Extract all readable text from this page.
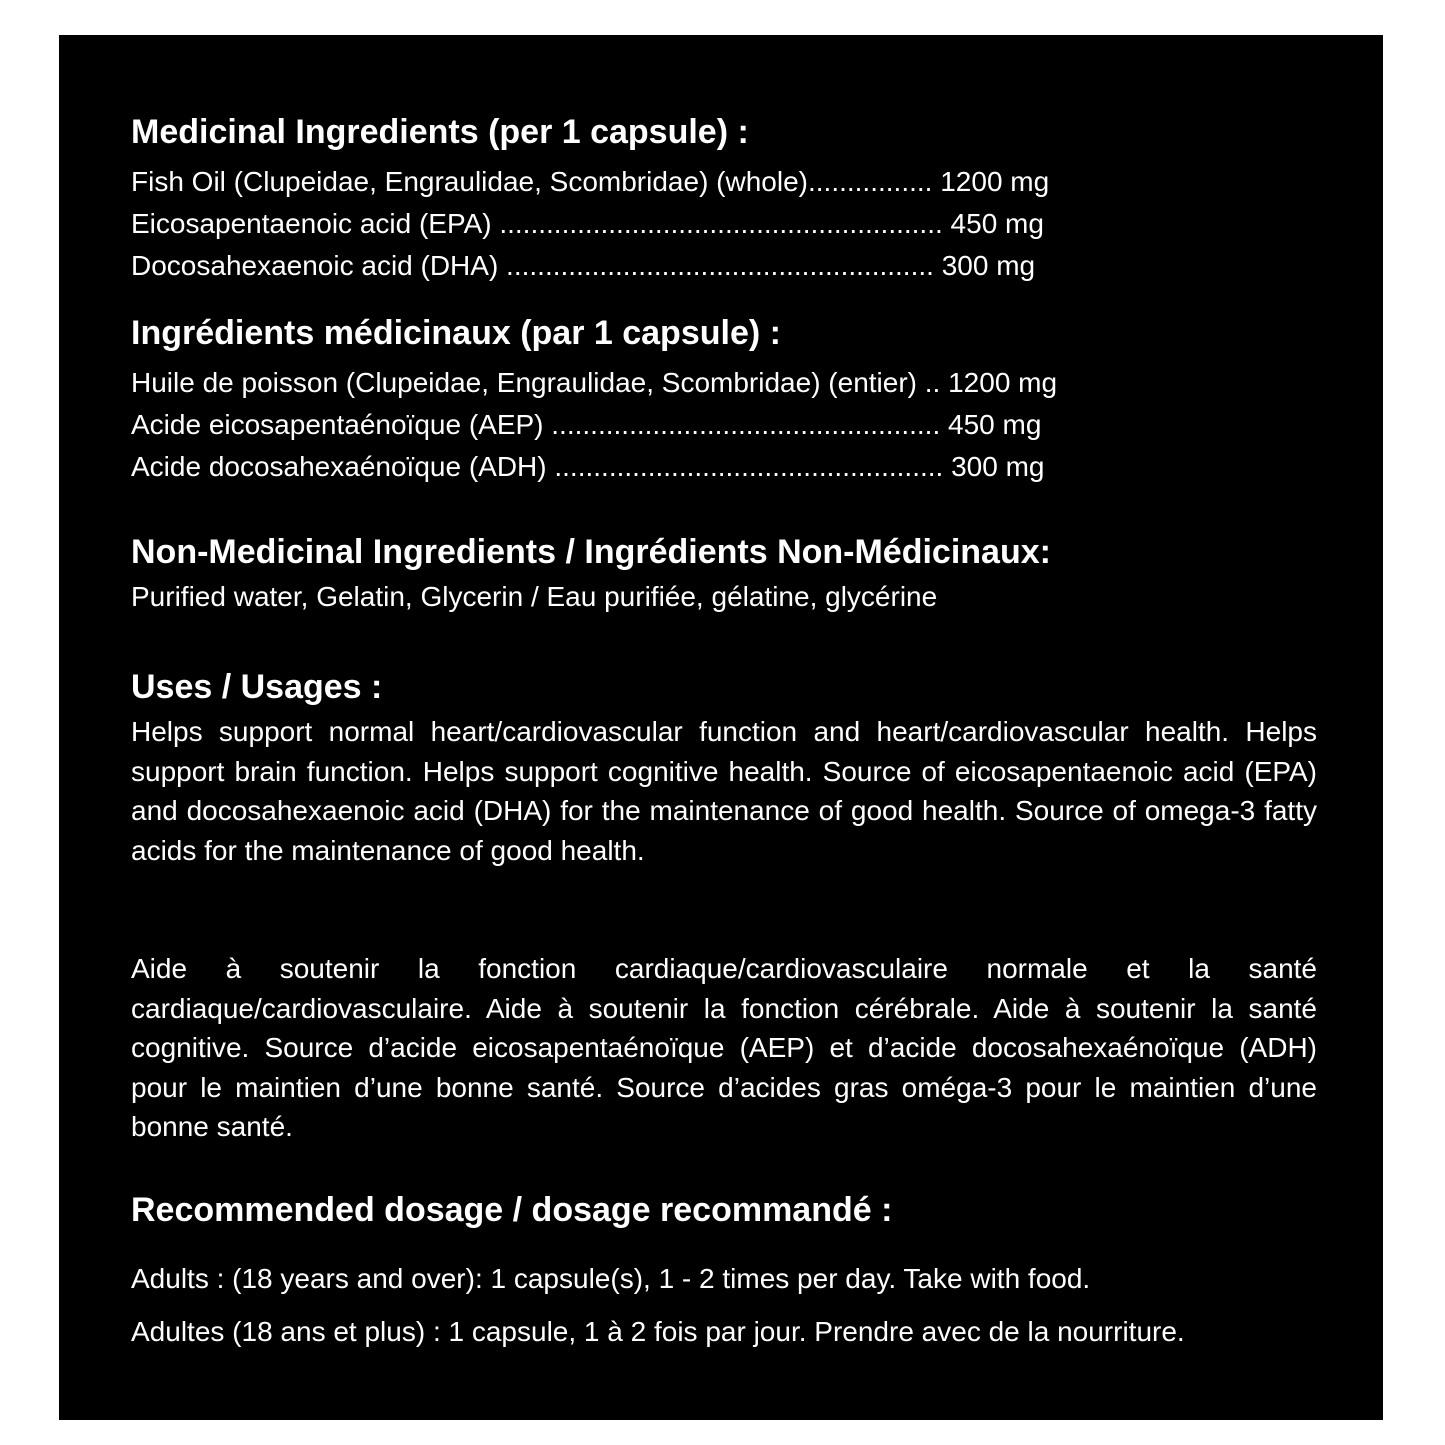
Medicinal Ingredients (per 1 capsule) :

Fish Oil (Clupeidae, Engraulidae, Scombridae) (whole)................ 1200 mg

Eicosapentaenoic acid (EPA) ......................................................... 450 mg

Docosahexaenoic acid (DHA) ....................................................... 300 mg

Ingrédients médicinaux (par 1 capsule) :

Huile de poisson (Clupeidae, Engraulidae, Scombridae) (entier) .. 1200 mg

Acide eicosapentaénoïque (AEP) .................................................. 450 mg

Acide docosahexaénoïque (ADH) .................................................. 300 mg

Non-Medicinal Ingredients / Ingrédients Non-Médicinaux:

Purified water, Gelatin, Glycerin / Eau purifiée, gélatine, glycérine

Uses / Usages :

Helps support normal heart/cardiovascular function and heart/cardiovascular health. Helps support brain function. Helps support cognitive health. Source of eicosapentaenoic acid (EPA) and docosahexaenoic acid (DHA) for the maintenance of good health. Source of omega-3 fatty acids for the maintenance of good health.

Aide à soutenir la fonction cardiaque/cardiovasculaire normale et la santé cardiaque/cardiovasculaire. Aide à soutenir la fonction cérébrale. Aide à soutenir la santé cognitive. Source d’acide eicosapentaénoïque (AEP) et d’acide docosahexaénoïque (ADH) pour le maintien d’une bonne santé. Source d’acides gras oméga-3 pour le maintien d’une bonne santé.

Recommended dosage / dosage recommandé :

Adults : (18 years and over): 1 capsule(s), 1 - 2 times per day. Take with food.

Adultes (18 ans et plus) : 1 capsule, 1 à 2 fois par jour. Prendre avec de la nourriture.
